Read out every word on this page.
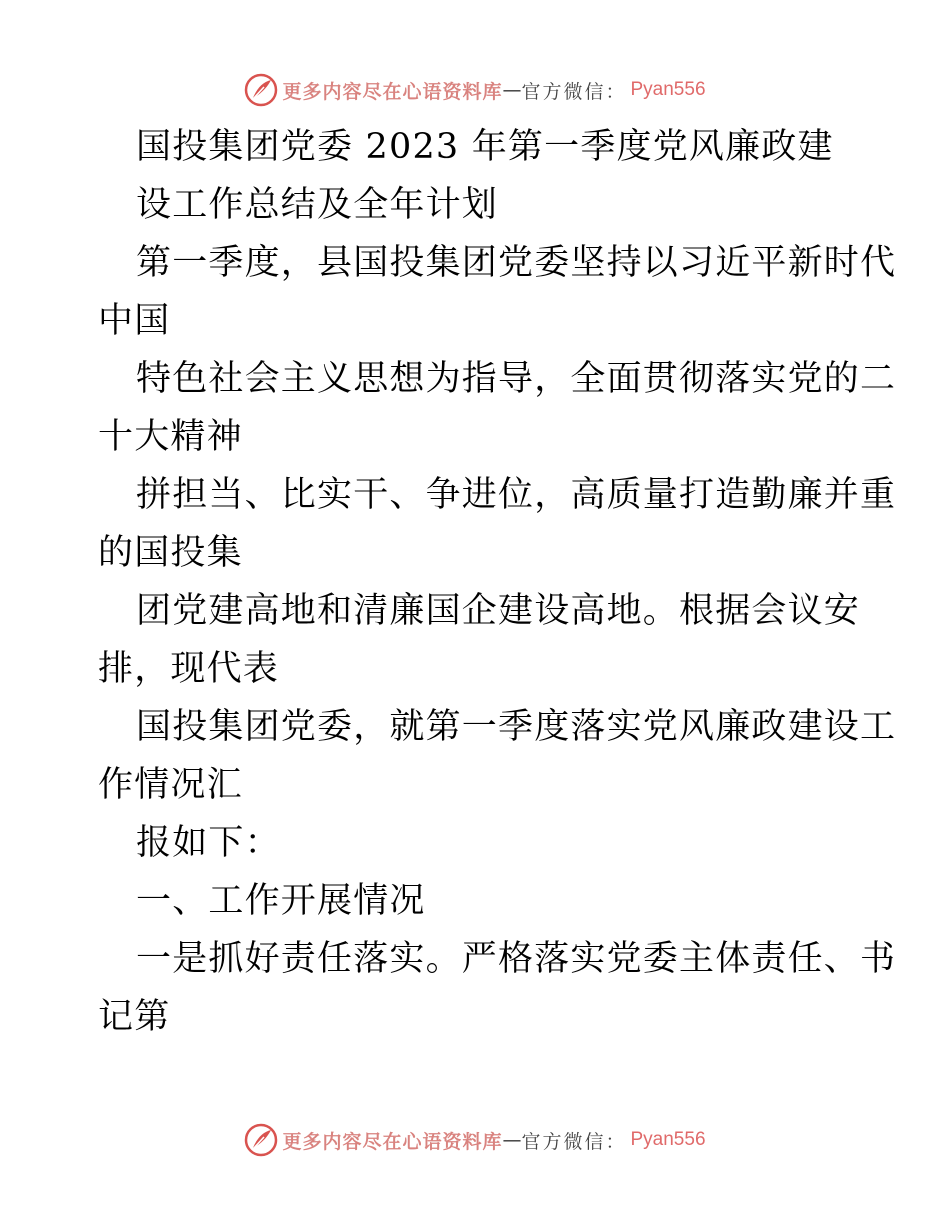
更多内容尽在心语资料库 — 官方微信： Pyan556
国投集团党委 2023 年第一季度党风廉政建
设工作总结及全年计划
第一季度，县国投集团党委坚持以习近平新时代
中国
特色社会主义思想为指导，全面贯彻落实党的二
十大精神
拼担当、比实干、争进位，高质量打造勤廉并重
的国投集
团党建高地和清廉国企建设高地。根据会议安
排，现代表
国投集团党委，就第一季度落实党风廉政建设工
作情况汇
报如下：
一、工作开展情况
一是抓好责任落实。严格落实党委主体责任、书
记第
更多内容尽在心语资料库 — 官方微信： Pyan556
